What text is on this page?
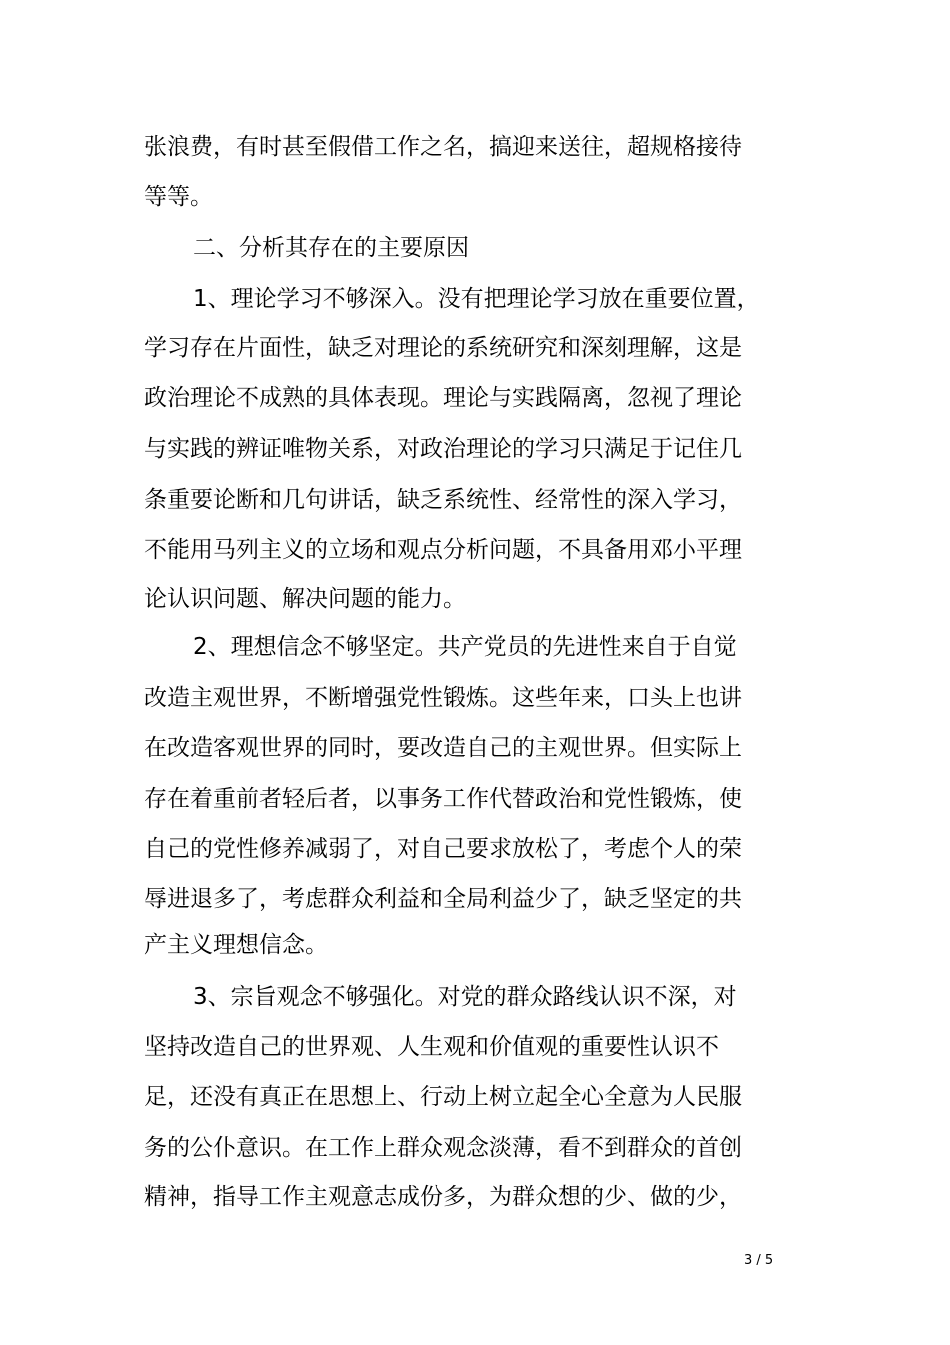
张浪费，有时甚至假借工作之名，搞迎来送往，超规格接待
等等。
二、分析其存在的主要原因
1、理论学习不够深入。没有把理论学习放在重要位置，
学习存在片面性，缺乏对理论的系统研究和深刻理解，这是
政治理论不成熟的具体表现。理论与实践隔离，忽视了理论
与实践的辨证唯物关系，对政治理论的学习只满足于记住几
条重要论断和几句讲话，缺乏系统性、经常性的深入学习，
不能用马列主义的立场和观点分析问题，不具备用邓小平理
论认识问题、解决问题的能力。
2、理想信念不够坚定。共产党员的先进性来自于自觉
改造主观世界，不断增强党性锻炼。这些年来，口头上也讲
在改造客观世界的同时，要改造自己的主观世界。但实际上
存在着重前者轻后者，以事务工作代替政治和党性锻炼，使
自己的党性修养减弱了，对自己要求放松了，考虑个人的荣
辱进退多了，考虑群众利益和全局利益少了，缺乏坚定的共
产主义理想信念。
3、宗旨观念不够强化。对党的群众路线认识不深，对
坚持改造自己的世界观、人生观和价值观的重要性认识不
足，还没有真正在思想上、行动上树立起全心全意为人民服
务的公仆意识。在工作上群众观念淡薄，看不到群众的首创
精神，指导工作主观意志成份多，为群众想的少、做的少，
3 / 5
